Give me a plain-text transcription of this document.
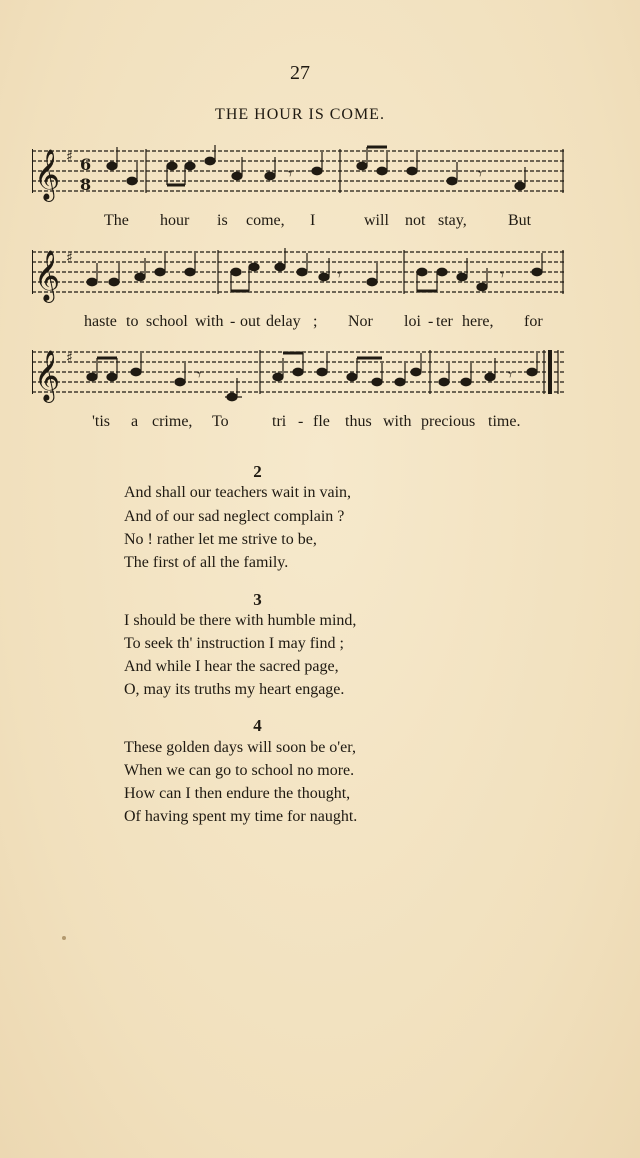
27
THE HOUR IS COME.
𝄞 ♯ 6
8
𝄾	𝄾
The hour is come, I	will not stay,	But
𝄞 ♯
𝄾	𝄾
haste to school with - out delay ; Nor loi - ter here, for
𝄞 ♯
𝄾	𝄾
'tis a crime, To	tri - fle thus with precious time.
2
And shall our teachers wait in vain,
And of our sad neglect complain ?
No ! rather let me strive to be,
The first of all the family.
3
I should be there with humble mind,
To seek th' instruction I may find ;
And while I hear the sacred page,
O, may its truths my heart engage.
4
These golden days will soon be o'er,
When we can go to school no more.
How can I then endure the thought,
Of having spent my time for naught.
